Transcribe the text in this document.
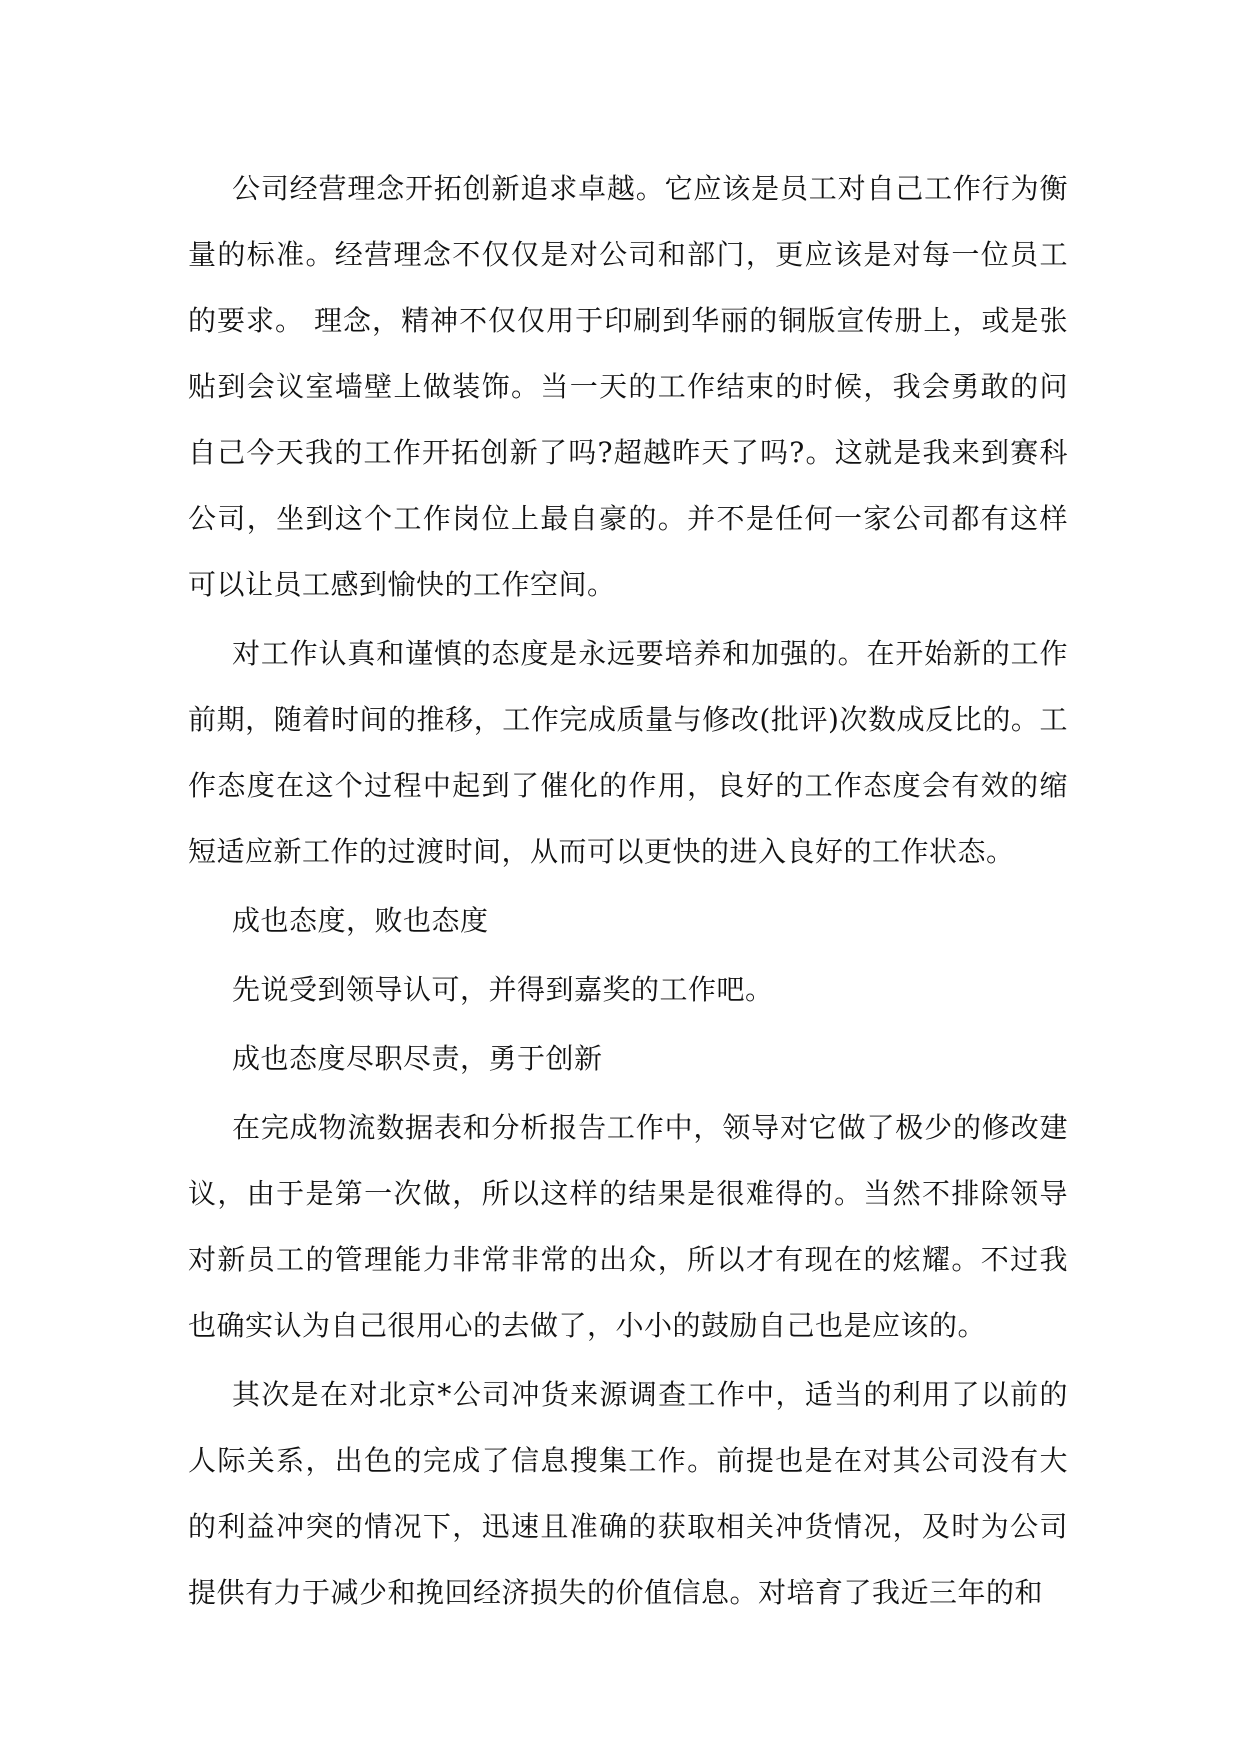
公司经营理念开拓创新追求卓越。它应该是员工对自己工作行为衡量的标准。经营理念不仅仅是对公司和部门，更应该是对每一位员工的要求。 理念，精神不仅仅用于印刷到华丽的铜版宣传册上，或是张贴到会议室墙壁上做装饰。当一天的工作结束的时候，我会勇敢的问自己今天我的工作开拓创新了吗?超越昨天了吗?。这就是我来到赛科公司，坐到这个工作岗位上最自豪的。并不是任何一家公司都有这样可以让员工感到愉快的工作空间。

对工作认真和谨慎的态度是永远要培养和加强的。在开始新的工作前期，随着时间的推移，工作完成质量与修改(批评)次数成反比的。工作态度在这个过程中起到了催化的作用，良好的工作态度会有效的缩短适应新工作的过渡时间，从而可以更快的进入良好的工作状态。

成也态度，败也态度

先说受到领导认可，并得到嘉奖的工作吧。

成也态度尽职尽责，勇于创新

在完成物流数据表和分析报告工作中，领导对它做了极少的修改建议，由于是第一次做，所以这样的结果是很难得的。当然不排除领导对新员工的管理能力非常非常的出众，所以才有现在的炫耀。不过我也确实认为自己很用心的去做了，小小的鼓励自己也是应该的。

其次是在对北京*公司冲货来源调查工作中，适当的利用了以前的人际关系，出色的完成了信息搜集工作。前提也是在对其公司没有大的利益冲突的情况下，迅速且准确的获取相关冲货情况，及时为公司提供有力于减少和挽回经济损失的价值信息。对培育了我近三年的和
